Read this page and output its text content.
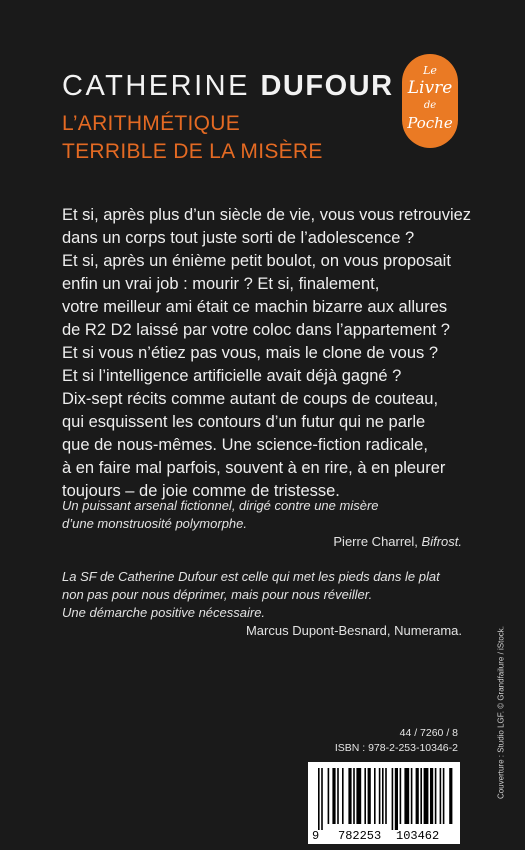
CATHERINE DUFOUR
L’ARITHMÉTIQUE
TERRIBLE DE LA MISÈRE
Le
Livre
de
Poche
Et si, après plus d’un siècle de vie, vous vous retrouviez
dans un corps tout juste sorti de l’adolescence ?
Et si, après un énième petit boulot, on vous proposait
enfin un vrai job : mourir ? Et si, finalement,
votre meilleur ami était ce machin bizarre aux allures
de R2 D2 laissé par votre coloc dans l’appartement ?
Et si vous n’étiez pas vous, mais le clone de vous ?
Et si l’intelligence artificielle avait déjà gagné ?
Dix-sept récits comme autant de coups de couteau,
qui esquissent les contours d’un futur qui ne parle
que de nous-mêmes. Une science-fiction radicale,
à en faire mal parfois, souvent à en rire, à en pleurer
toujours – de joie comme de tristesse.
Un puissant arsenal fictionnel, dirigé contre une misère
d’une monstruosité polymorphe.
Pierre Charrel, Bifrost.
La SF de Catherine Dufour est celle qui met les pieds dans le plat
non pas pour nous déprimer, mais pour nous réveiller.
Une démarche positive nécessaire.
Marcus Dupont-Besnard, Numerama.
44 / 7260 / 8
ISBN : 978-2-253-10346-2
9 782253 103462
Couverture : Studio LGF. © Grandfailure / iStock.
